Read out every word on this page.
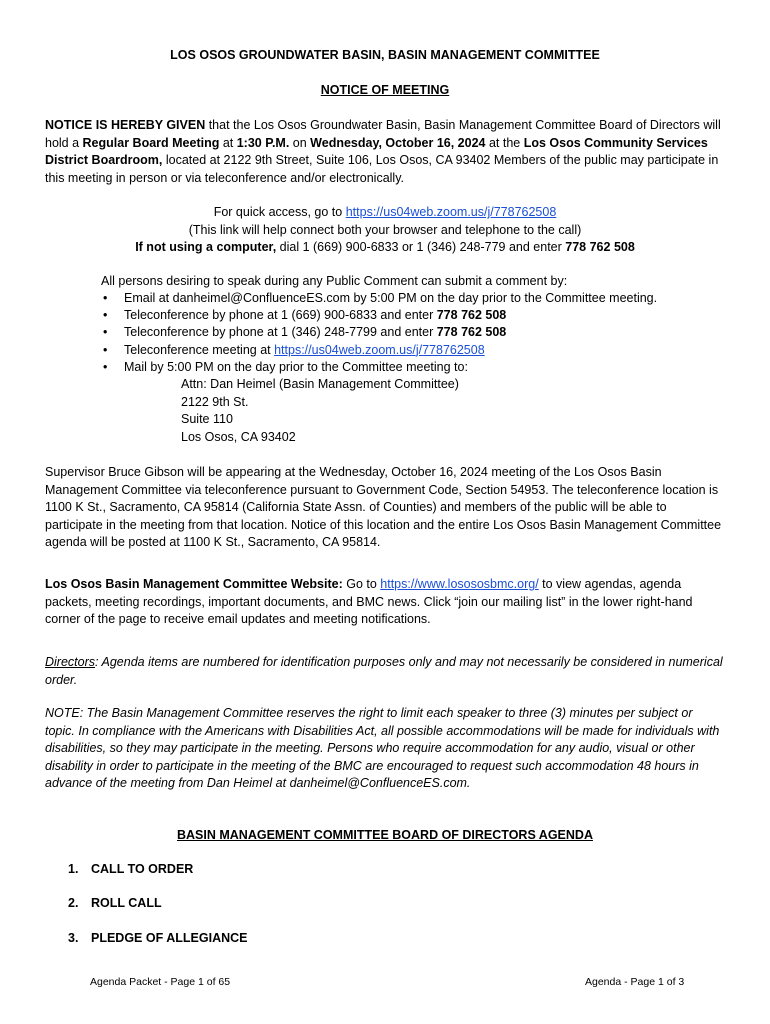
LOS OSOS GROUNDWATER BASIN, BASIN MANAGEMENT COMMITTEE
NOTICE OF MEETING
NOTICE IS HEREBY GIVEN that the Los Osos Groundwater Basin, Basin Management Committee Board of Directors will hold a Regular Board Meeting at 1:30 P.M. on Wednesday, October 16, 2024 at the Los Osos Community Services District Boardroom, located at 2122 9th Street, Suite 106, Los Osos, CA 93402 Members of the public may participate in this meeting in person or via teleconference and/or electronically.
For quick access, go to https://us04web.zoom.us/j/778762508
(This link will help connect both your browser and telephone to the call)
If not using a computer, dial 1 (669) 900-6833 or 1 (346) 248-779 and enter 778 762 508
All persons desiring to speak during any Public Comment can submit a comment by:
• Email at danheimel@ConfluenceES.com by 5:00 PM on the day prior to the Committee meeting.
• Teleconference by phone at 1 (669) 900-6833 and enter 778 762 508
• Teleconference by phone at 1 (346) 248-7799 and enter 778 762 508
• Teleconference meeting at https://us04web.zoom.us/j/778762508
• Mail by 5:00 PM on the day prior to the Committee meeting to:
Attn: Dan Heimel (Basin Management Committee)
2122 9th St.
Suite 110
Los Osos, CA 93402
Supervisor Bruce Gibson will be appearing at the Wednesday, October 16, 2024 meeting of the Los Osos Basin Management Committee via teleconference pursuant to Government Code, Section 54953. The teleconference location is 1100 K St., Sacramento, CA 95814 (California State Assn. of Counties) and members of the public will be able to participate in the meeting from that location. Notice of this location and the entire Los Osos Basin Management Committee agenda will be posted at 1100 K St., Sacramento, CA 95814.
Los Osos Basin Management Committee Website: Go to https://www.losososbmc.org/ to view agendas, agenda packets, meeting recordings, important documents, and BMC news. Click “join our mailing list” in the lower right-hand corner of the page to receive email updates and meeting notifications.
Directors: Agenda items are numbered for identification purposes only and may not necessarily be considered in numerical order.
NOTE: The Basin Management Committee reserves the right to limit each speaker to three (3) minutes per subject or topic. In compliance with the Americans with Disabilities Act, all possible accommodations will be made for individuals with disabilities, so they may participate in the meeting. Persons who require accommodation for any audio, visual or other disability in order to participate in the meeting of the BMC are encouraged to request such accommodation 48 hours in advance of the meeting from Dan Heimel at danheimel@ConfluenceES.com.
BASIN MANAGEMENT COMMITTEE BOARD OF DIRECTORS AGENDA
1. CALL TO ORDER
2. ROLL CALL
3. PLEDGE OF ALLEGIANCE
Agenda Packet - Page 1 of 65	Agenda - Page 1 of 3
